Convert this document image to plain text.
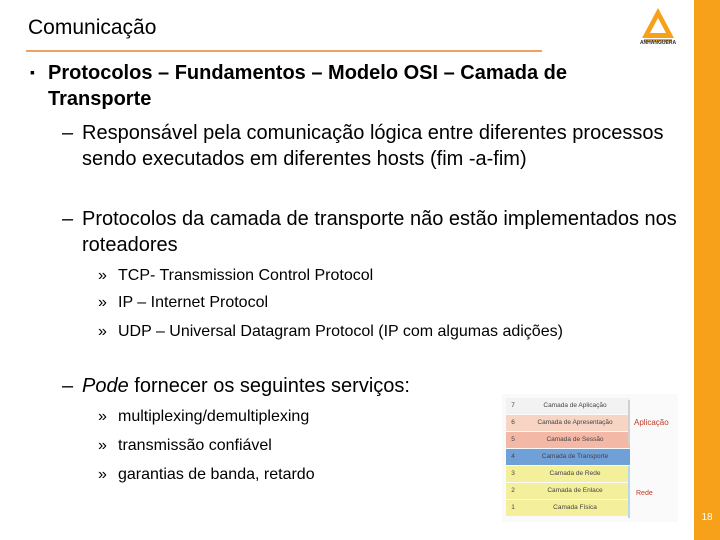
Comunicação
ANHANGUERA
18
▪ Protocolos – Fundamentos – Modelo OSI – Camada de Transporte
– Responsável pela comunicação lógica entre diferentes processos sendo executados em diferentes hosts (fim -a-fim)
– Protocolos da camada de transporte não estão implementados nos roteadores
» TCP- Transmission Control Protocol
» IP – Internet Protocol
» UDP – Universal Datagram Protocol (IP com algumas adições)
– Pode fornecer os seguintes serviços:
» multiplexing/demultiplexing
» transmissão confiável
» garantias de banda, retardo
7	Camada de Aplicação
6	Camada de Apresentação
5	Camada de Sessão
4	Camada de Transporte
3	Camada de Rede
2	Camada de Enlace
1	Camada Física
Aplicação
Rede
